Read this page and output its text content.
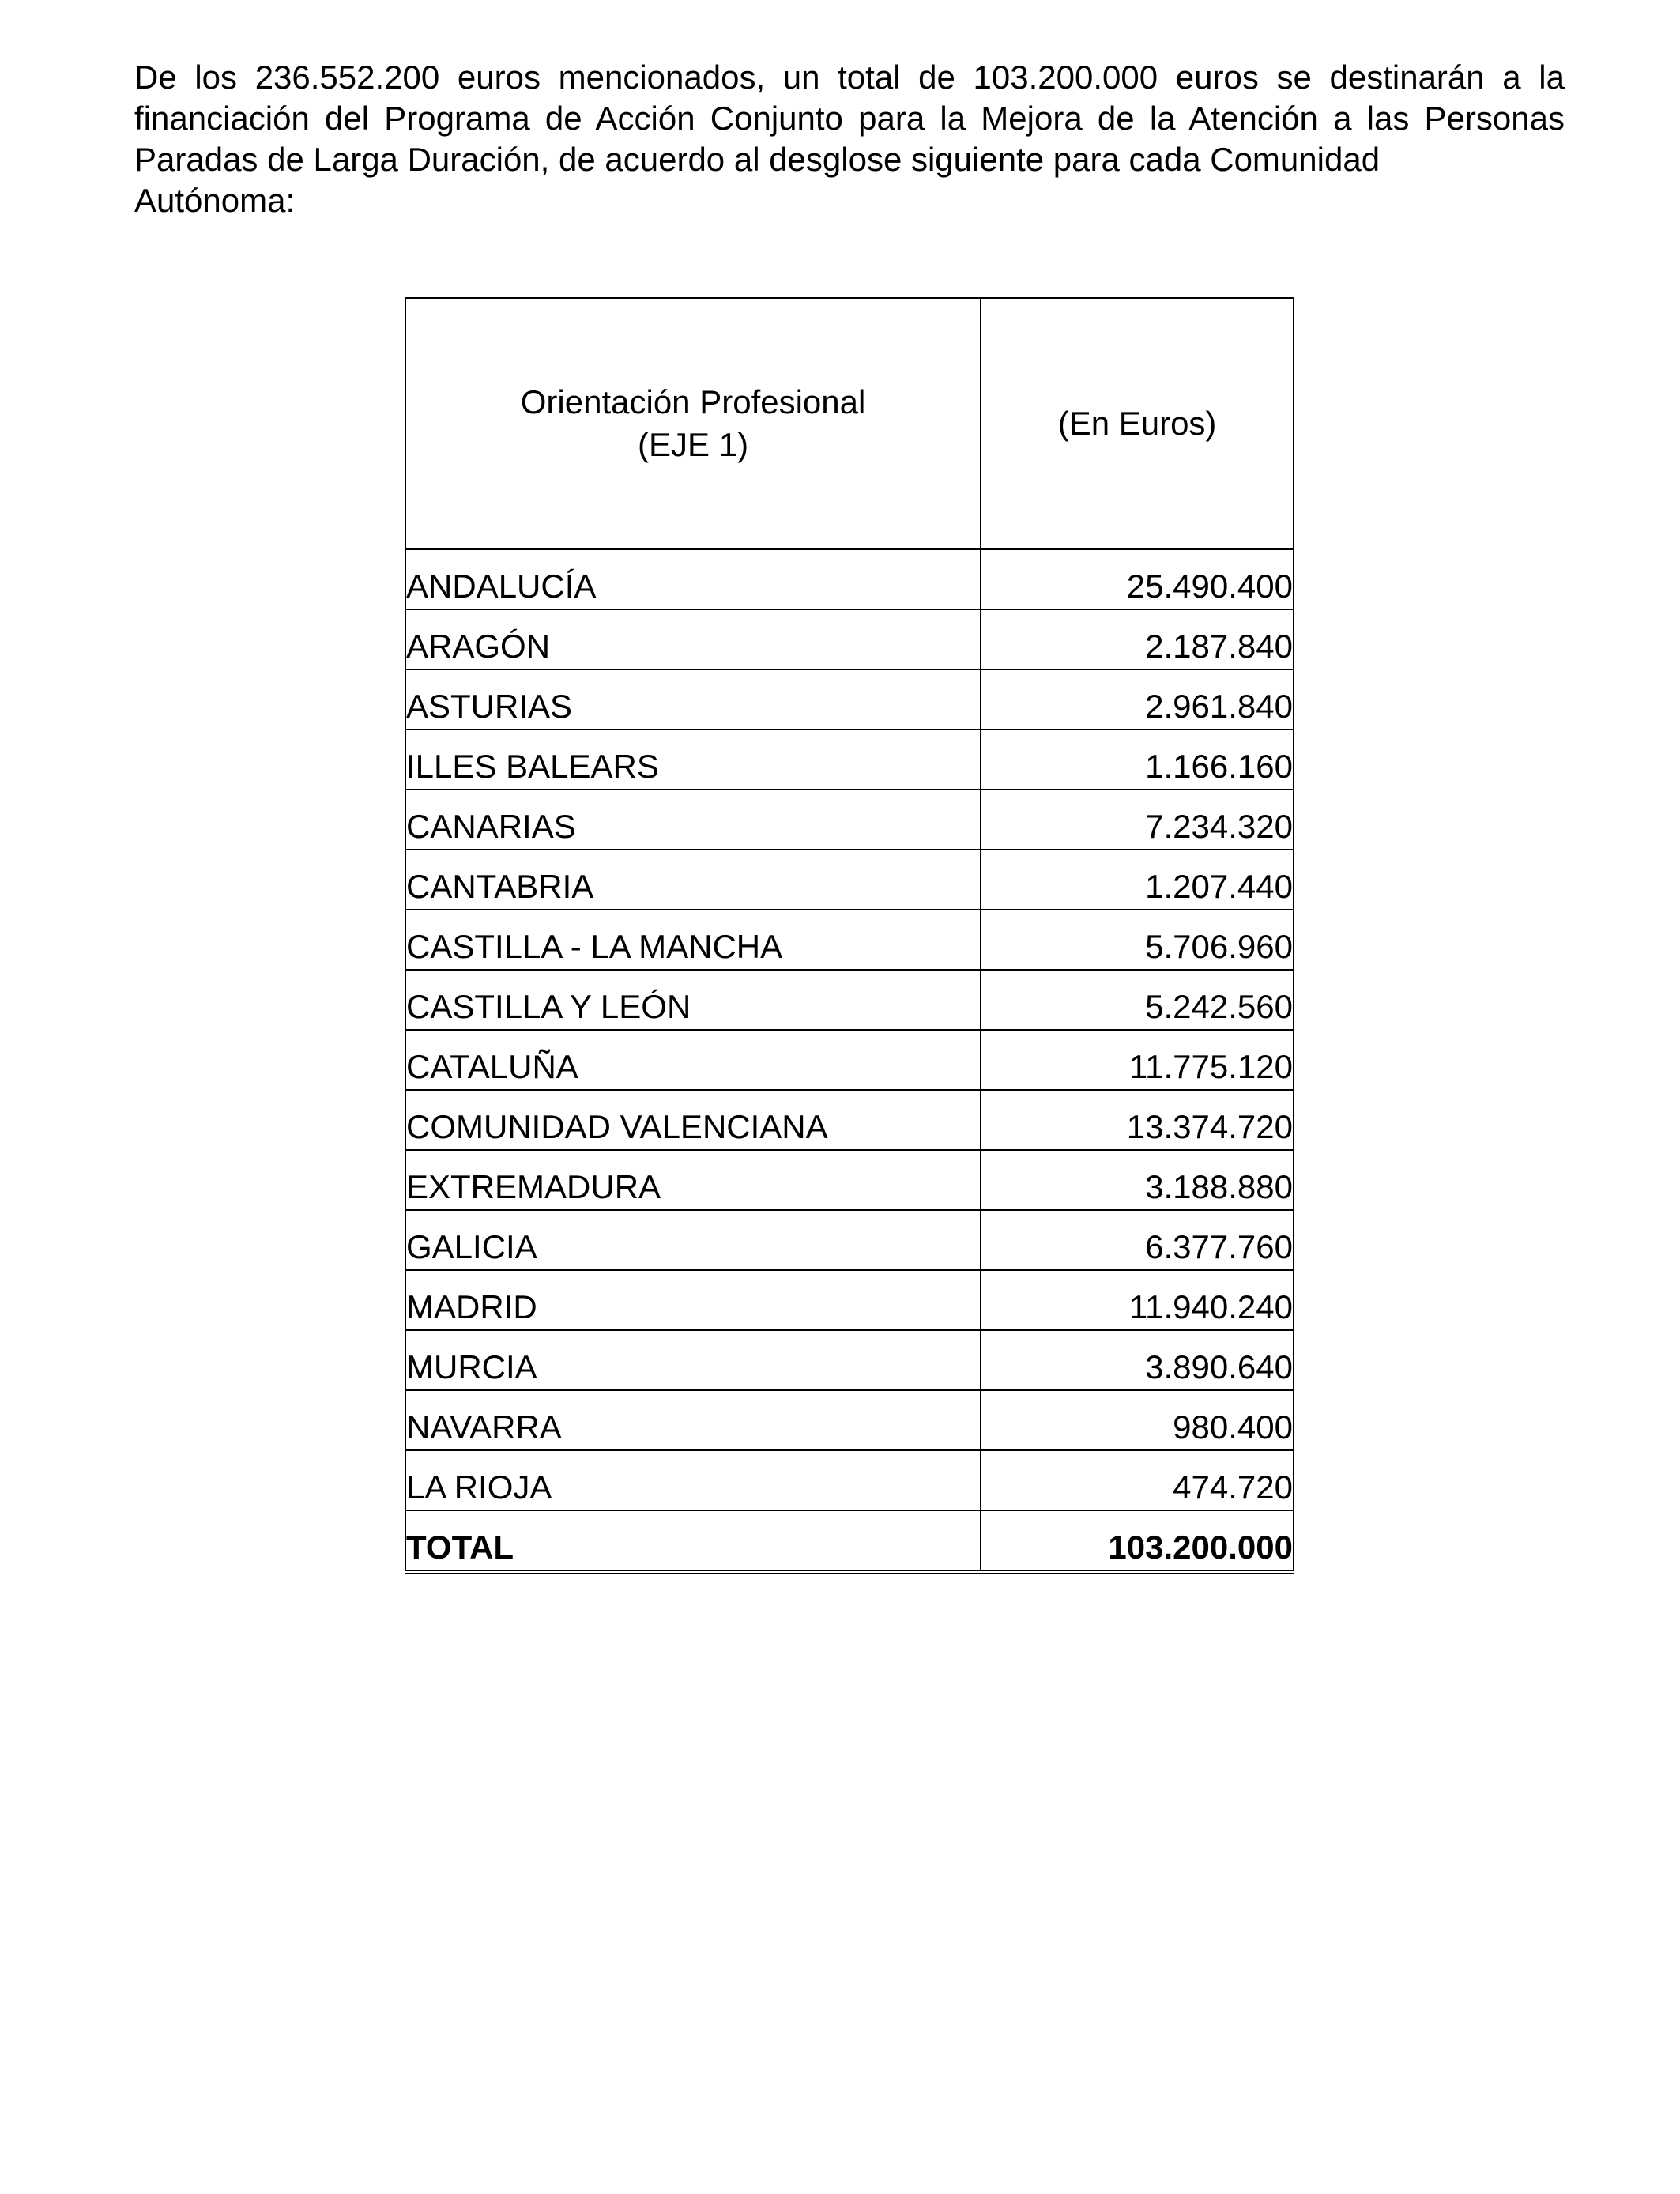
De los 236.552.200 euros mencionados, un total de 103.200.000 euros se destinarán a la financiación del Programa de Acción Conjunto para la Mejora de la Atención a las Personas Paradas de Larga Duración, de acuerdo al desglose siguiente para cada Comunidad
Autónoma:

Orientación Profesional
(EJE 1)	(En Euros)
ANDALUCÍA	25.490.400
ARAGÓN	2.187.840
ASTURIAS	2.961.840
ILLES BALEARS	1.166.160
CANARIAS	7.234.320
CANTABRIA	1.207.440
CASTILLA - LA MANCHA	5.706.960
CASTILLA Y LEÓN	5.242.560
CATALUÑA	11.775.120
COMUNIDAD VALENCIANA	13.374.720
EXTREMADURA	3.188.880
GALICIA	6.377.760
MADRID	11.940.240
MURCIA	3.890.640
NAVARRA	980.400
LA RIOJA	474.720
TOTAL	103.200.000
